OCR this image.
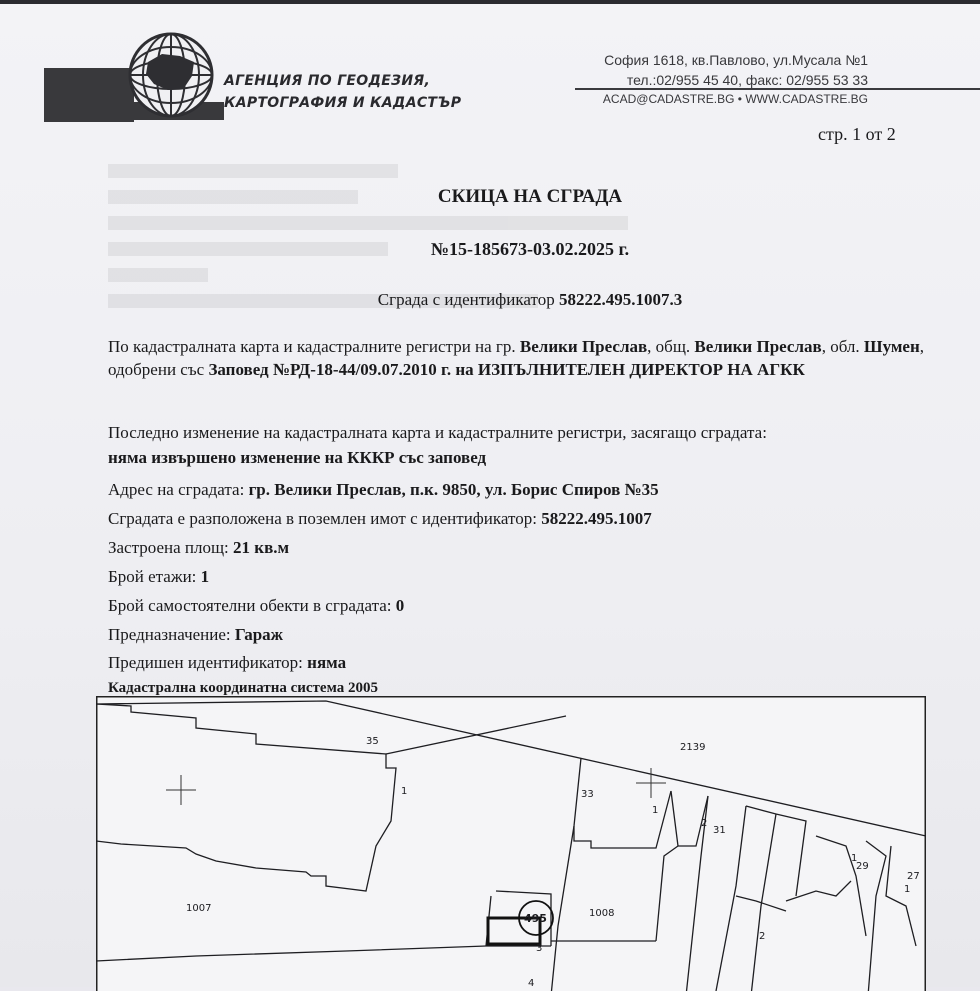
АГЕНЦИЯ ПО ГЕОДЕЗИЯ,
КАРТОГРАФИЯ И КАДАСТЪР
София 1618, кв.Павлово, ул.Мусала №1
тел.:02/955 45 40, факс: 02/955 53 33
ACAD@CADASTRE.BG • WWW.CADASTRE.BG
стр. 1 от 2
СКИЦА НА СГРАДА
№15-185673-03.02.2025 г.
Сграда с идентификатор 58222.495.1007.3
По кадастралната карта и кадастралните регистри на гр. Велики Преслав, общ. Велики Преслав, обл. Шумен, одобрени със Заповед №РД-18-44/09.07.2010 г. на ИЗПЪЛНИТЕЛЕН ДИРЕКТОР НА АГКК
Последно изменение на кадастралната карта и кадастралните регистри, засягащо сградата:
няма извършено изменение на КККР със заповед
Адрес на сградата: гр. Велики Преслав, п.к. 9850, ул. Борис Спиров №35
Сградата е разположена в поземлен имот с идентификатор: 58222.495.1007
Застроена площ: 21 кв.м
Брой етажи: 1
Брой самостоятелни обекти в сградата: 0
Предназначение: Гараж
Предишен идентификатор: няма
Кадастрална координатна система 2005
35
2139
1	33
1
2
31
1
29
27
1
1007
495	1008
3
2
4
